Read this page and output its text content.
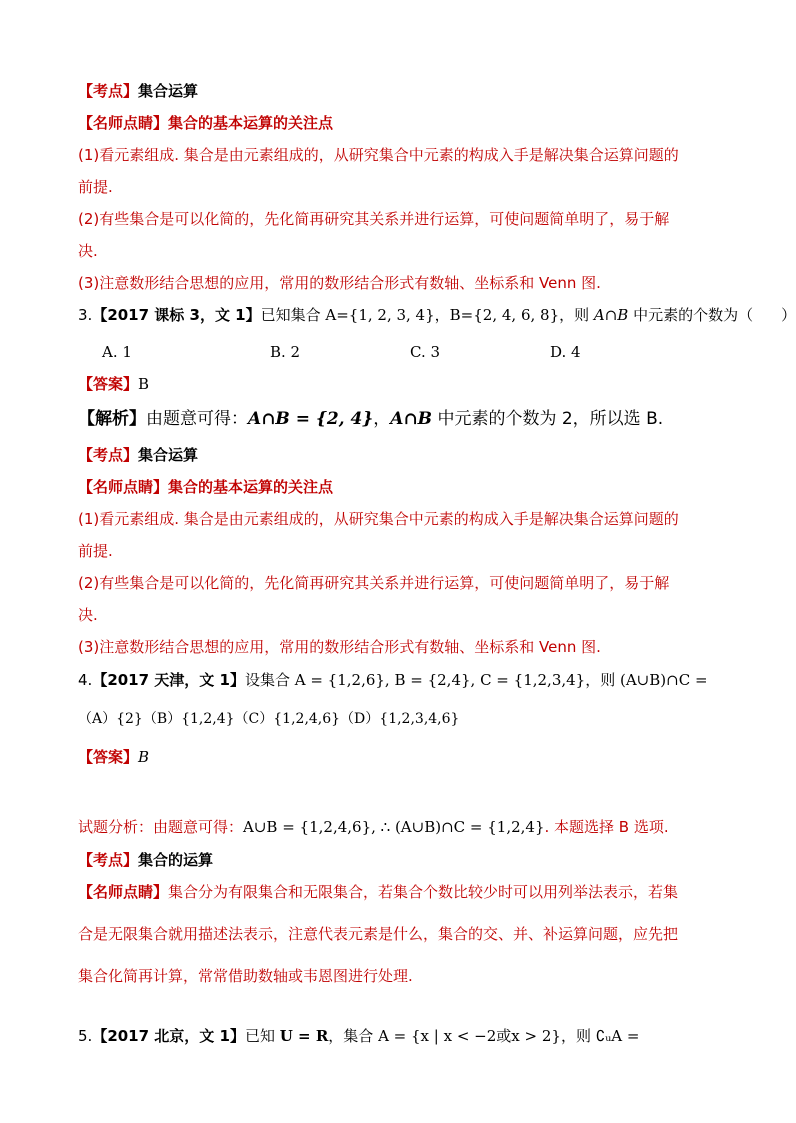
【考点】集合运算
【名师点睛】集合的基本运算的关注点
(1)看元素组成. 集合是由元素组成的，从研究集合中元素的构成入手是解决集合运算问题的
前提.
(2)有些集合是可以化简的，先化简再研究其关系并进行运算，可使问题简单明了，易于解
决.
(3)注意数形结合思想的应用，常用的数形结合形式有数轴、坐标系和 Venn 图.
3.【2017 课标 3，文 1】已知集合 A={1, 2, 3, 4}，B={2, 4, 6, 8}，则 A∩B 中元素的个数为（ ）
A. 1	B. 2	C. 3	D. 4
【答案】B
【解析】由题意可得：A∩B = {2, 4}，A∩B 中元素的个数为 2，所以选 B.
【考点】集合运算
【名师点睛】集合的基本运算的关注点
(1)看元素组成. 集合是由元素组成的，从研究集合中元素的构成入手是解决集合运算问题的
前提.
(2)有些集合是可以化简的，先化简再研究其关系并进行运算，可使问题简单明了，易于解
决.
(3)注意数形结合思想的应用，常用的数形结合形式有数轴、坐标系和 Venn 图.
4.【2017 天津，文 1】设集合 A = {1,2,6}, B = {2,4}, C = {1,2,3,4}，则 (A∪B)∩C =
（A）{2}（B）{1,2,4}（C）{1,2,4,6}（D）{1,2,3,4,6}
【答案】B
试题分析：由题意可得：A∪B = {1,2,4,6}, ∴ (A∪B)∩C = {1,2,4}. 本题选择 B 选项.
【考点】集合的运算
【名师点睛】集合分为有限集合和无限集合，若集合个数比较少时可以用列举法表示，若集
合是无限集合就用描述法表示，注意代表元素是什么，集合的交、并、补运算问题，应先把
集合化简再计算，常常借助数轴或韦恩图进行处理.
5.【2017 北京，文 1】已知 U = R，集合 A = {x | x < −2或x > 2}，则 ∁ᵤA =
